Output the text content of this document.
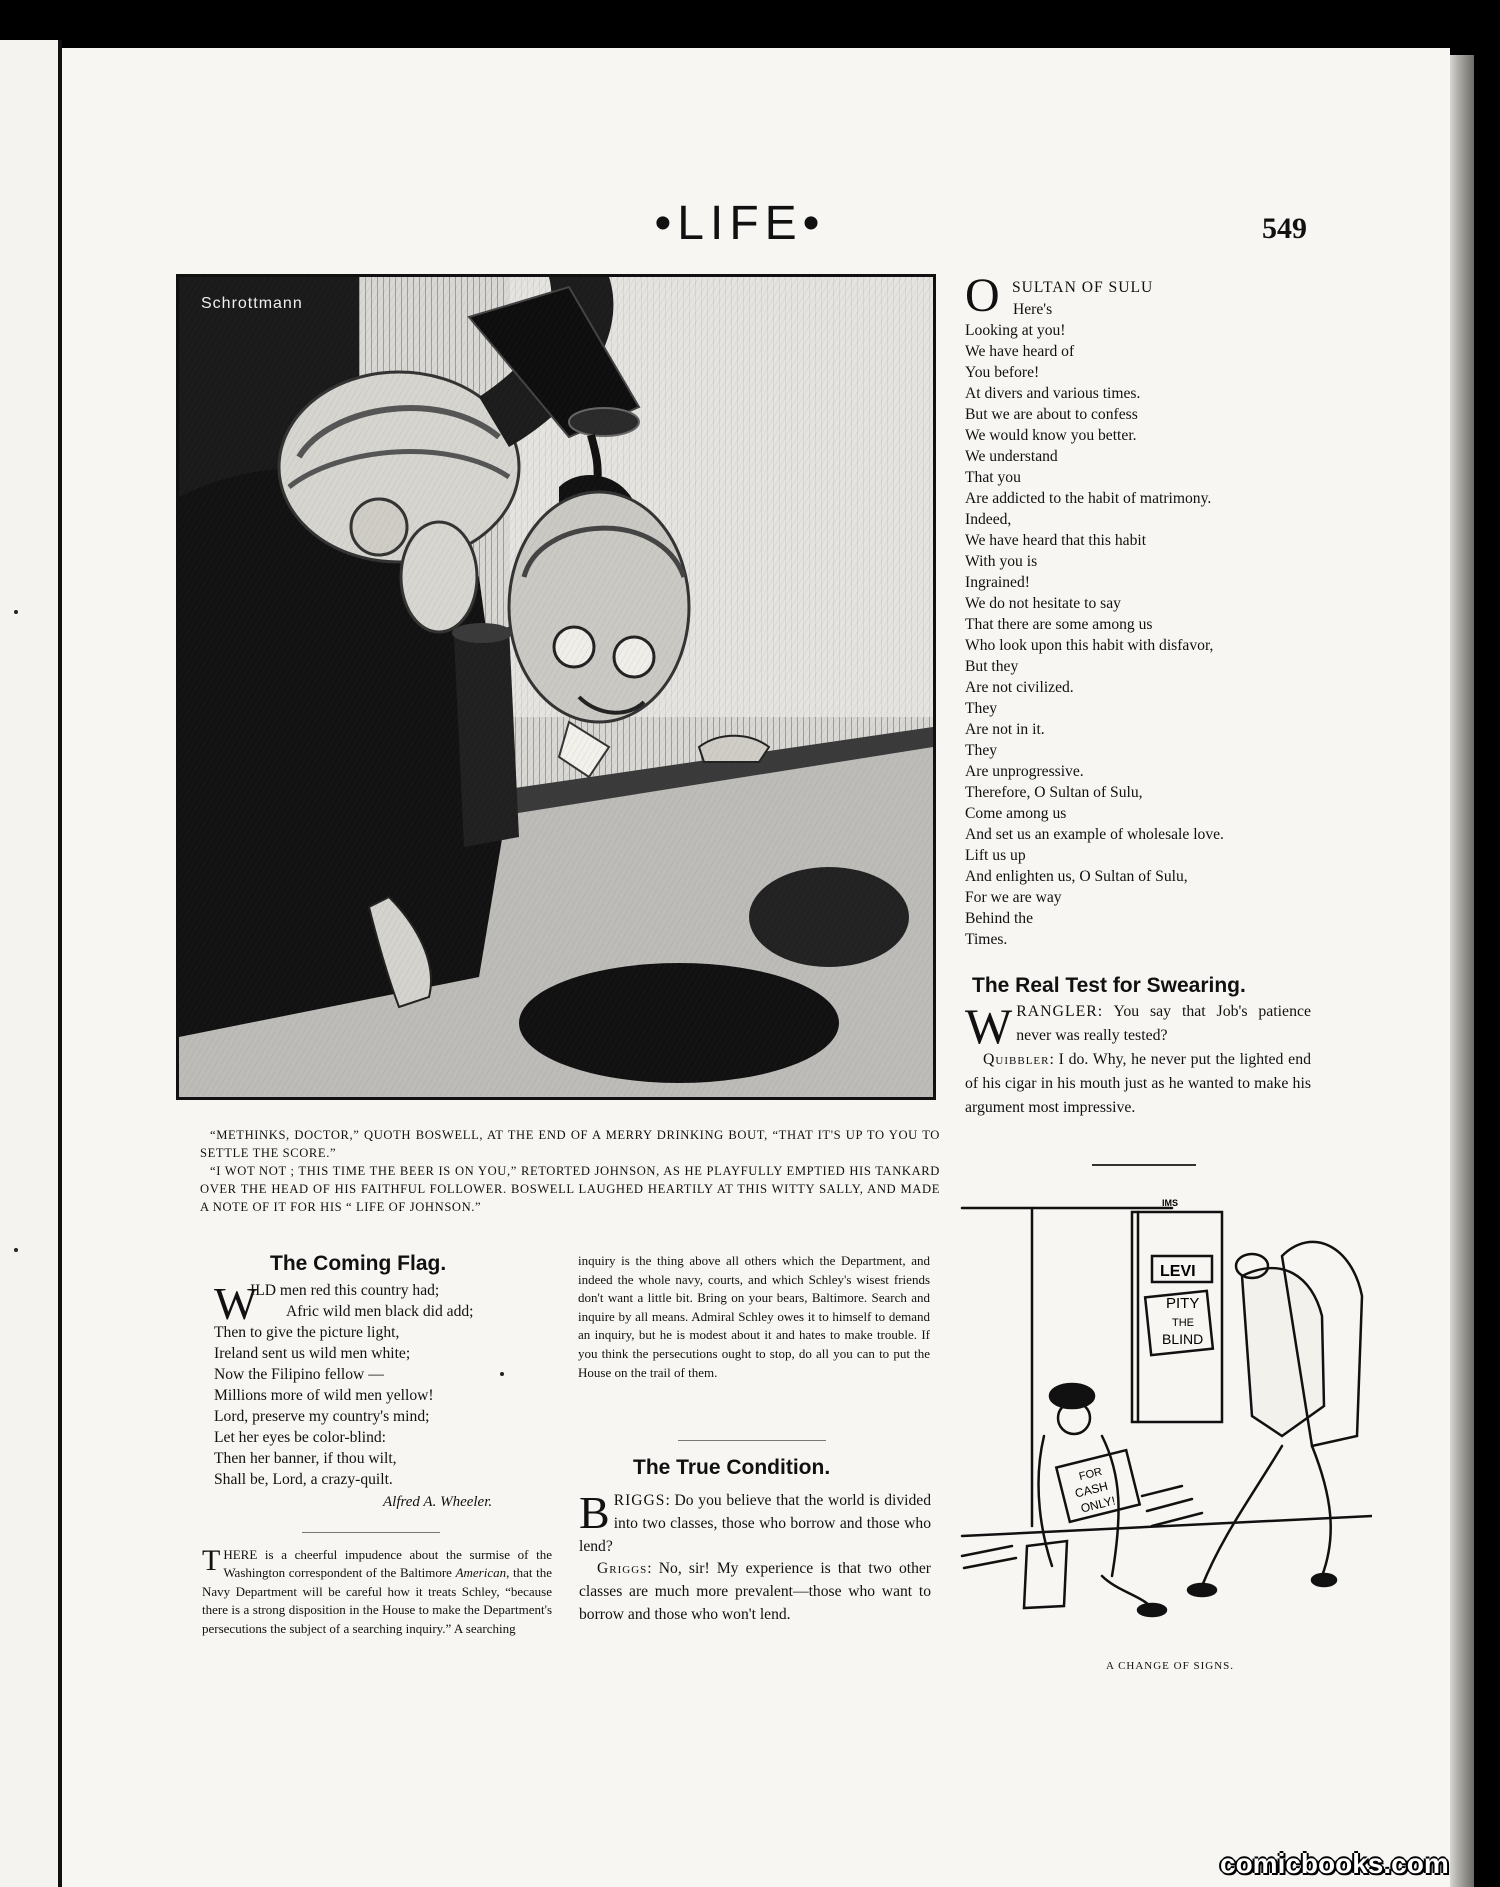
•LIFE•	549
Schrottmann

“METHINKS, DOCTOR,” QUOTH BOSWELL, AT THE END OF A MERRY DRINKING BOUT, “THAT IT'S UP TO YOU TO SETTLE THE SCORE.”

“I WOT NOT ; THIS TIME THE BEER IS ON YOU,” RETORTED JOHNSON, AS HE PLAYFULLY EMPTIED HIS TANKARD OVER THE HEAD OF HIS FAITHFUL FOLLOWER. BOSWELL LAUGHED HEARTILY AT THIS WITTY SALLY, AND MADE A NOTE OF IT FOR HIS “ LIFE OF JOHNSON.”

O SULTAN OF SULU
Here's
Looking at you!
We have heard of
You before!
At divers and various times.
But we are about to confess
We would know you better.
We understand
That you
Are addicted to the habit of matrimony.
Indeed,
We have heard that this habit
With you is
Ingrained!
We do not hesitate to say
That there are some among us
Who look upon this habit with disfavor,
But they
Are not civilized.
They
Are not in it.
They
Are unprogressive.
Therefore, O Sultan of Sulu,
Come among us
And set us an example of wholesale love.
Lift us up
And enlighten us, O Sultan of Sulu,
For we are way
Behind the
Times.
The Real Test for Swearing.

W RANGLER: You say that Job's patience never was really tested?

Quibbler: I do. Why, he never put the lighted end of his cigar in his mouth just as he wanted to make his argument most impressive.

IMS
LEVI
PITY
THE
BLIND
FOR
CASH
ONLY!
A CHANGE OF SIGNS.
The Coming Flag.
W
ILD men red this country had;
Afric wild men black did add;
Then to give the picture light,
Ireland sent us wild men white;
Now the Filipino fellow —
Millions more of wild men yellow!
Lord, preserve my country's mind;
Let her eyes be color-blind:
Then her banner, if thou wilt,
Shall be, Lord, a crazy-quilt.
Alfred A. Wheeler.

T HERE is a cheerful impudence about the surmise of the Washington correspondent of the Baltimore American, that the Navy Department will be careful how it treats Schley, “because there is a strong disposition in the House to make the Department's persecutions the subject of a searching inquiry.” A searching

inquiry is the thing above all others which the Department, and indeed the whole navy, courts, and which Schley's wisest friends don't want a little bit. Bring on your bears, Baltimore. Search and inquire by all means. Admiral Schley owes it to himself to demand an inquiry, but he is modest about it and hates to make trouble. If you think the persecutions ought to stop, do all you can to put the House on the trail of them.

The True Condition.

B RIGGS: Do you believe that the world is divided into two classes, those who borrow and those who lend?

Griggs: No, sir! My experience is that two other classes are much more prevalent—those who want to borrow and those who won't lend.

comicbooks.com
